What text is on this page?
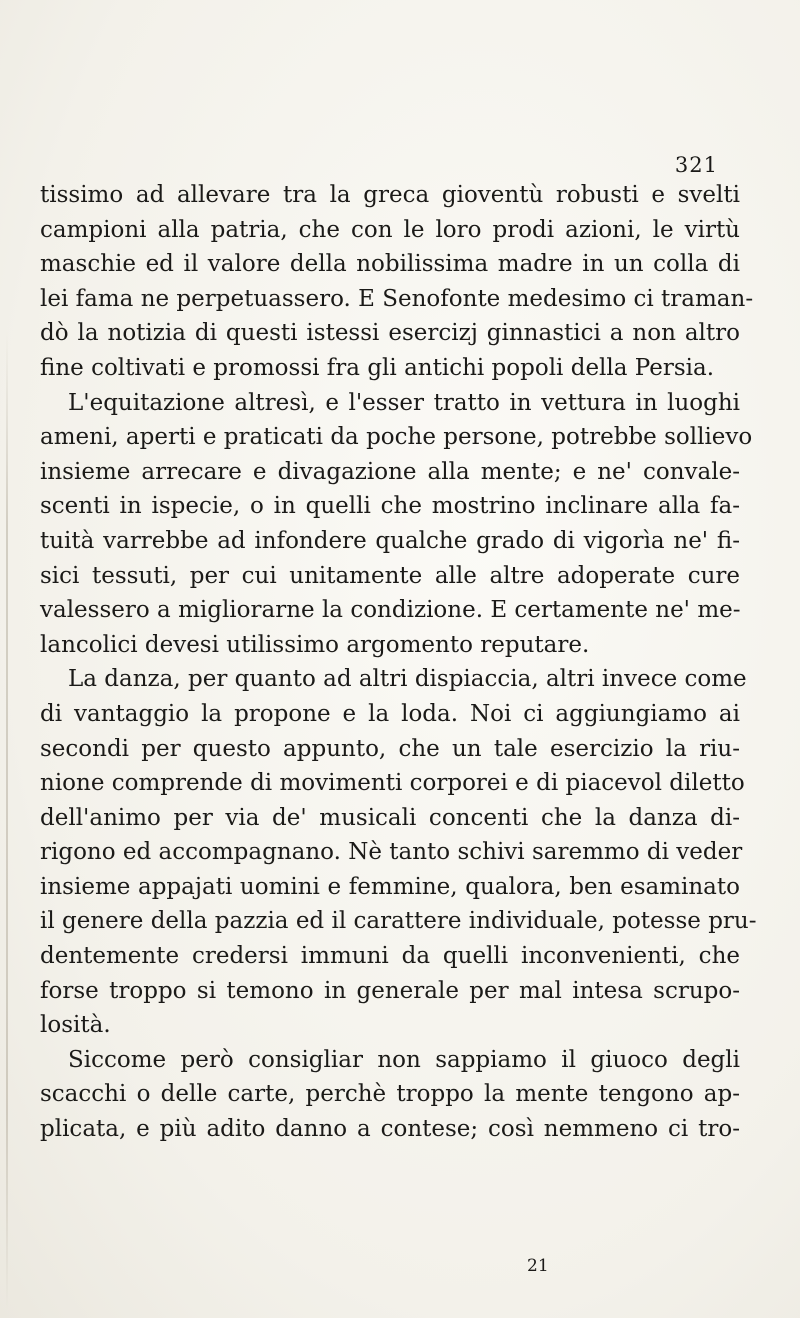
321
tissimo ad allevare tra la greca gioventù robusti e svelti
campioni alla patria, che con le loro prodi azioni, le virtù
maschie ed il valore della nobilissima madre in un colla di
lei fama ne perpetuassero. E Senofonte medesimo ci traman-
dò la notizia di questi istessi esercizj ginnastici a non altro
fine coltivati e promossi fra gli antichi popoli della Persia.
L'equitazione altresì, e l'esser tratto in vettura in luoghi
ameni, aperti e praticati da poche persone, potrebbe sollievo
insieme arrecare e divagazione alla mente; e ne' convale-
scenti in ispecie, o in quelli che mostrino inclinare alla fa-
tuità varrebbe ad infondere qualche grado di vigorìa ne' fi-
sici tessuti, per cui unitamente alle altre adoperate cure
valessero a migliorarne la condizione. E certamente ne' me-
lancolici devesi utilissimo argomento reputare.
La danza, per quanto ad altri dispiaccia, altri invece come
di vantaggio la propone e la loda. Noi ci aggiungiamo ai
secondi per questo appunto, che un tale esercizio la riu-
nione comprende di movimenti corporei e di piacevol diletto
dell'animo per via de' musicali concenti che la danza di-
rigono ed accompagnano. Nè tanto schivi saremmo di veder
insieme appajati uomini e femmine, qualora, ben esaminato
il genere della pazzia ed il carattere individuale, potesse pru-
dentemente credersi immuni da quelli inconvenienti, che
forse troppo si temono in generale per mal intesa scrupo-
losità.
Siccome però consigliar non sappiamo il giuoco degli
scacchi o delle carte, perchè troppo la mente tengono ap-
plicata, e più adito danno a contese; così nemmeno ci tro-
21
